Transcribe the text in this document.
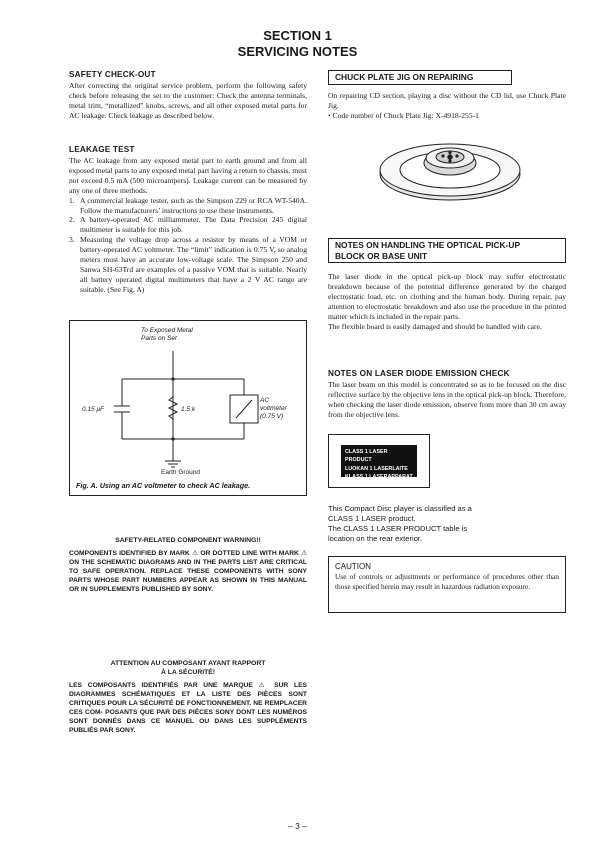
SECTION 1
SERVICING NOTES
SAFETY CHECK-OUT

After correcting the original service problem, perform the following safety check before releasing the set to the customer: Check the antenna terminals, metal trim, “metallized” knobs, screws, and all other exposed metal parts for AC leakage. Check leakage as described below.

LEAKAGE TEST

The AC leakage from any exposed metal part to earth ground and from all exposed metal parts to any exposed metal part having a return to chassis, must not exceed 0.5 mA (500 microampers). Leakage current can be measured by any one of three methods.

1. A commercial leakage tester, such as the Simpson 229 or RCA WT-540A. Follow the manufacturers’ instructions to use these instruments.
2. A battery-operated AC milliammeter. The Data Precision 245 digital multimeter is suitable for this job.
3. Measuring the voltage drop across a resistor by means of a VOM or battery-operated AC voltmeter. The “limit” indication is 0.75 V, so analog meters must have an accurate low-voltage scale. The Simpson 250 and Sanwa SH-63Trd are examples of a passive VOM that is suitable. Nearly all battery operated digital multimeters that have a 2 V AC range are suitable. (See Fig. A)
To Exposed Metal
Parts on Set
0.15 μF	1.5 k
AC
voltmeter
(0.75 V)
Earth Ground
Fig. A. Using an AC voltmeter to check AC leakage.
SAFETY-RELATED COMPONENT WARNING!!
COMPONENTS IDENTIFIED BY MARK ⚠ OR DOTTED LINE WITH MARK ⚠ ON THE SCHEMATIC DIAGRAMS AND IN THE PARTS LIST ARE CRITICAL TO SAFE OPERATION. REPLACE THESE COMPONENTS WITH SONY PARTS WHOSE PART NUMBERS APPEAR AS SHOWN IN THIS MANUAL OR IN SUPPLEMENTS PUBLISHED BY SONY.
ATTENTION AU COMPOSANT AYANT RAPPORT
À LA SÉCURITÉ!
LES COMPOSANTS IDENTIFIÉS PAR UNE MARQUE ⚠ SUR LES DIAGRAMMES SCHÉMATIQUES ET LA LISTE DES PIÈCES SONT CRITIQUES POUR LA SÉCURITÉ DE FONCTIONNEMENT. NE REMPLACER CES COM- POSANTS QUE PAR DES PIÈCES SONY DONT LES NUMÉROS SONT DONNÉS DANS CE MANUEL OU DANS LES SUPPLÉMENTS PUBLIÉS PAR SONY.
CHUCK PLATE JIG ON REPAIRING

On repairing CD section, playing a disc without the CD lid, use Chuck Plate Jig.

• Code number of Chuck Plate Jig: X-4918-255-1

NOTES ON HANDLING THE OPTICAL PICK-UP
BLOCK OR BASE UNIT

The laser diode in the optical pick-up block may suffer electrostatic breakdown because of the potential difference generated by the charged electrostatic load, etc. on clothing and the human body. During repair, pay attention to electrostatic breakdown and also use the procedure in the printed matter which is included in the repair parts.

The flexible board is easily damaged and should be handled with care.

NOTES ON LASER DIODE EMISSION CHECK

The laser beam on this model is concentrated so as to be focused on the disc reflective surface by the objective lens in the optical pick-up block. Therefore, when checking the laser diode emission, observe from more than 30 cm away from the objective lens.

CLASS 1 LASER PRODUCT
LUOKAN 1 LASERLAITE
KLASS 1 LASERAPPARAT
This Compact Disc player is classified as a
CLASS 1 LASER product.
The CLASS 1 LASER PRODUCT table is
location on the rear exterior.
CAUTION
Use of controls or adjustments or performance of procedures other than those specified herein may result in hazardous radiation exposure.
– 3 –
